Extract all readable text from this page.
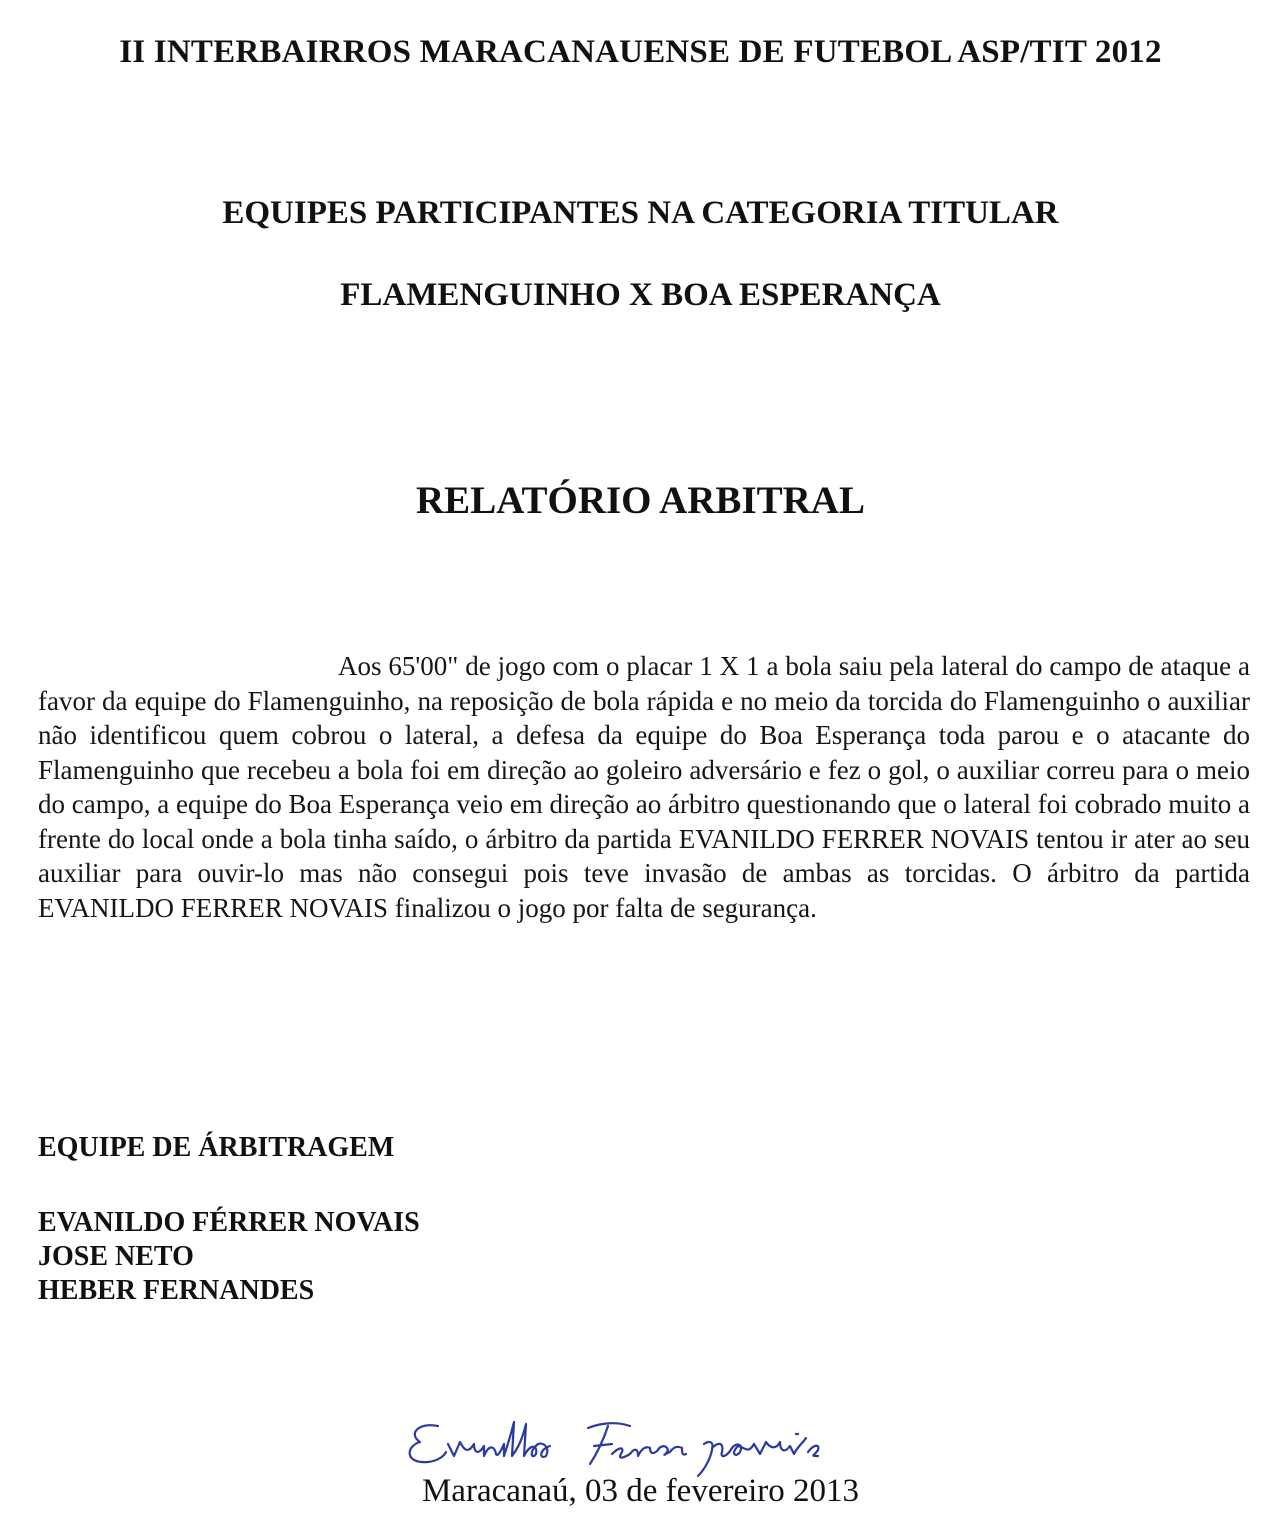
II INTERBAIRROS MARACANAUENSE DE FUTEBOL ASP/TIT 2012
EQUIPES PARTICIPANTES NA CATEGORIA TITULAR
FLAMENGUINHO X BOA ESPERANÇA
RELATÓRIO ARBITRAL

Aos 65'00" de jogo com o placar 1 X 1 a bola saiu pela lateral do campo de ataque a favor da equipe do Flamenguinho, na reposição de bola rápida e no meio da torcida do Flamenguinho o auxiliar não identificou quem cobrou o lateral, a defesa da equipe do Boa Esperança toda parou e o atacante do Flamenguinho que recebeu a bola foi em direção ao goleiro adversário e fez o gol, o auxiliar correu para o meio do campo, a equipe do Boa Esperança veio em direção ao árbitro questionando que o lateral foi cobrado muito a frente do local onde a bola tinha saído, o árbitro da partida EVANILDO FERRER NOVAIS tentou ir ater ao seu auxiliar para ouvir-lo mas não consegui pois teve invasão de ambas as torcidas. O árbitro da partida EVANILDO FERRER NOVAIS finalizou o jogo por falta de segurança.

EQUIPE DE ÁRBITRAGEM
EVANILDO FÉRRER NOVAIS
JOSE NETO
HEBER FERNANDES
Maracanaú, 03 de fevereiro 2013
